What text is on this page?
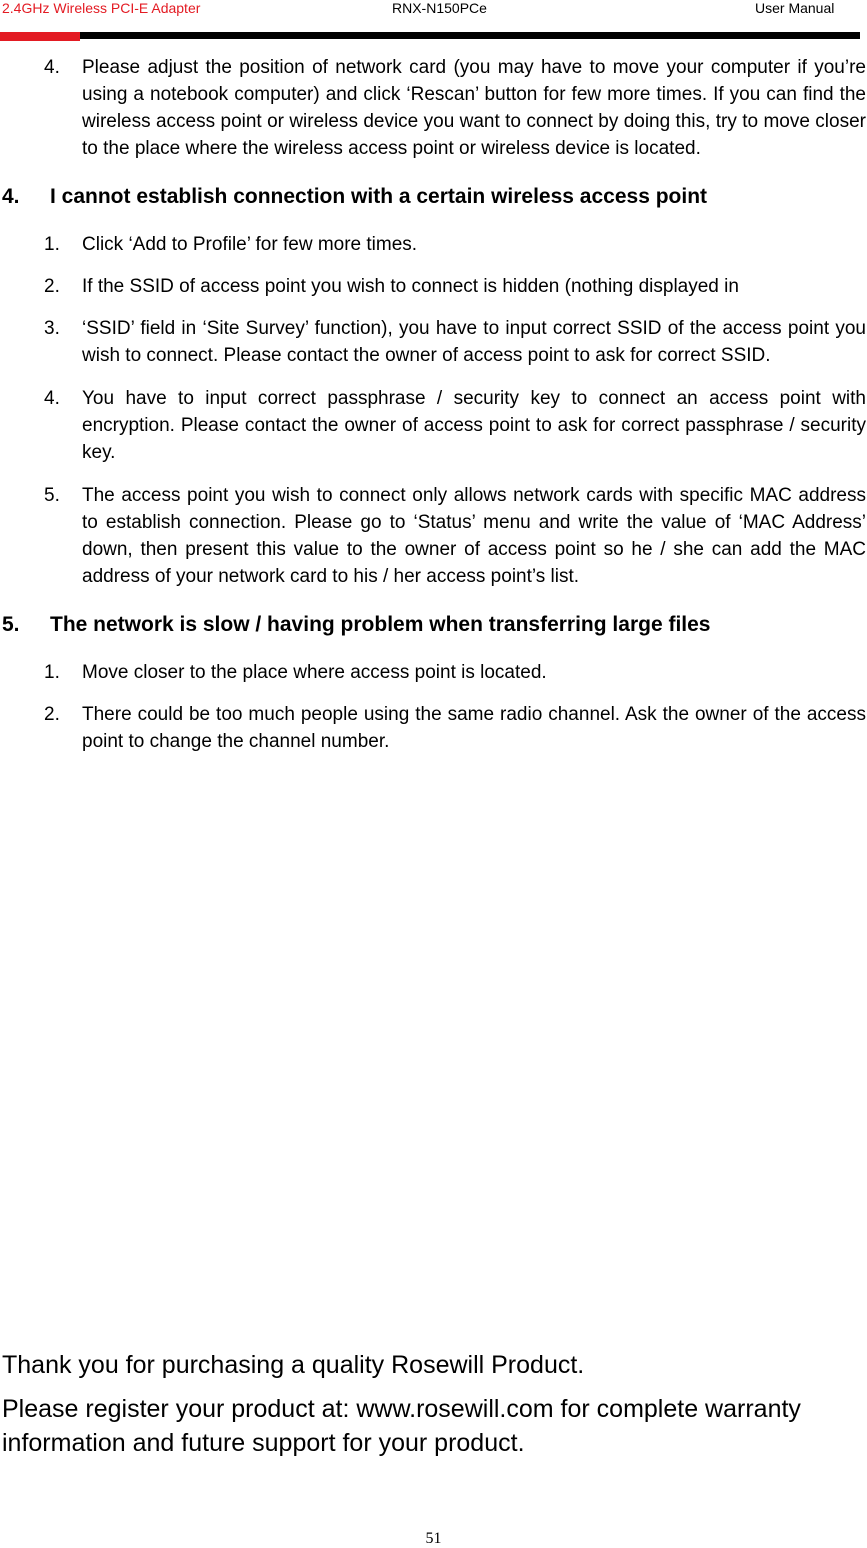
2.4GHz Wireless PCI-E Adapter	RNX-N150PCe	User Manual
4. Please adjust the position of network card (you may have to move your computer if you’re using a notebook computer) and click ‘Rescan’ button for few more times. If you can find the wireless access point or wireless device you want to connect by doing this, try to move closer to the place where the wireless access point or wireless device is located.
4. I cannot establish connection with a certain wireless access point
1. Click ‘Add to Profile’ for few more times.
2. If the SSID of access point you wish to connect is hidden (nothing displayed in
3. ‘SSID’ field in ‘Site Survey’ function), you have to input correct SSID of the access point you wish to connect. Please contact the owner of access point to ask for correct SSID.
4. You have to input correct passphrase / security key to connect an access point with encryption. Please contact the owner of access point to ask for correct passphrase / security key.
5. The access point you wish to connect only allows network cards with specific MAC address to establish connection. Please go to ‘Status’ menu and write the value of ‘MAC Address’ down, then present this value to the owner of access point so he / she can add the MAC address of your network card to his / her access point’s list.
5. The network is slow / having problem when transferring large files
1. Move closer to the place where access point is located.
2. There could be too much people using the same radio channel. Ask the owner of the access point to change the channel number.

Thank you for purchasing a quality Rosewill Product.

Please register your product at: www.rosewill.com for complete warranty information and future support for your product.

51
